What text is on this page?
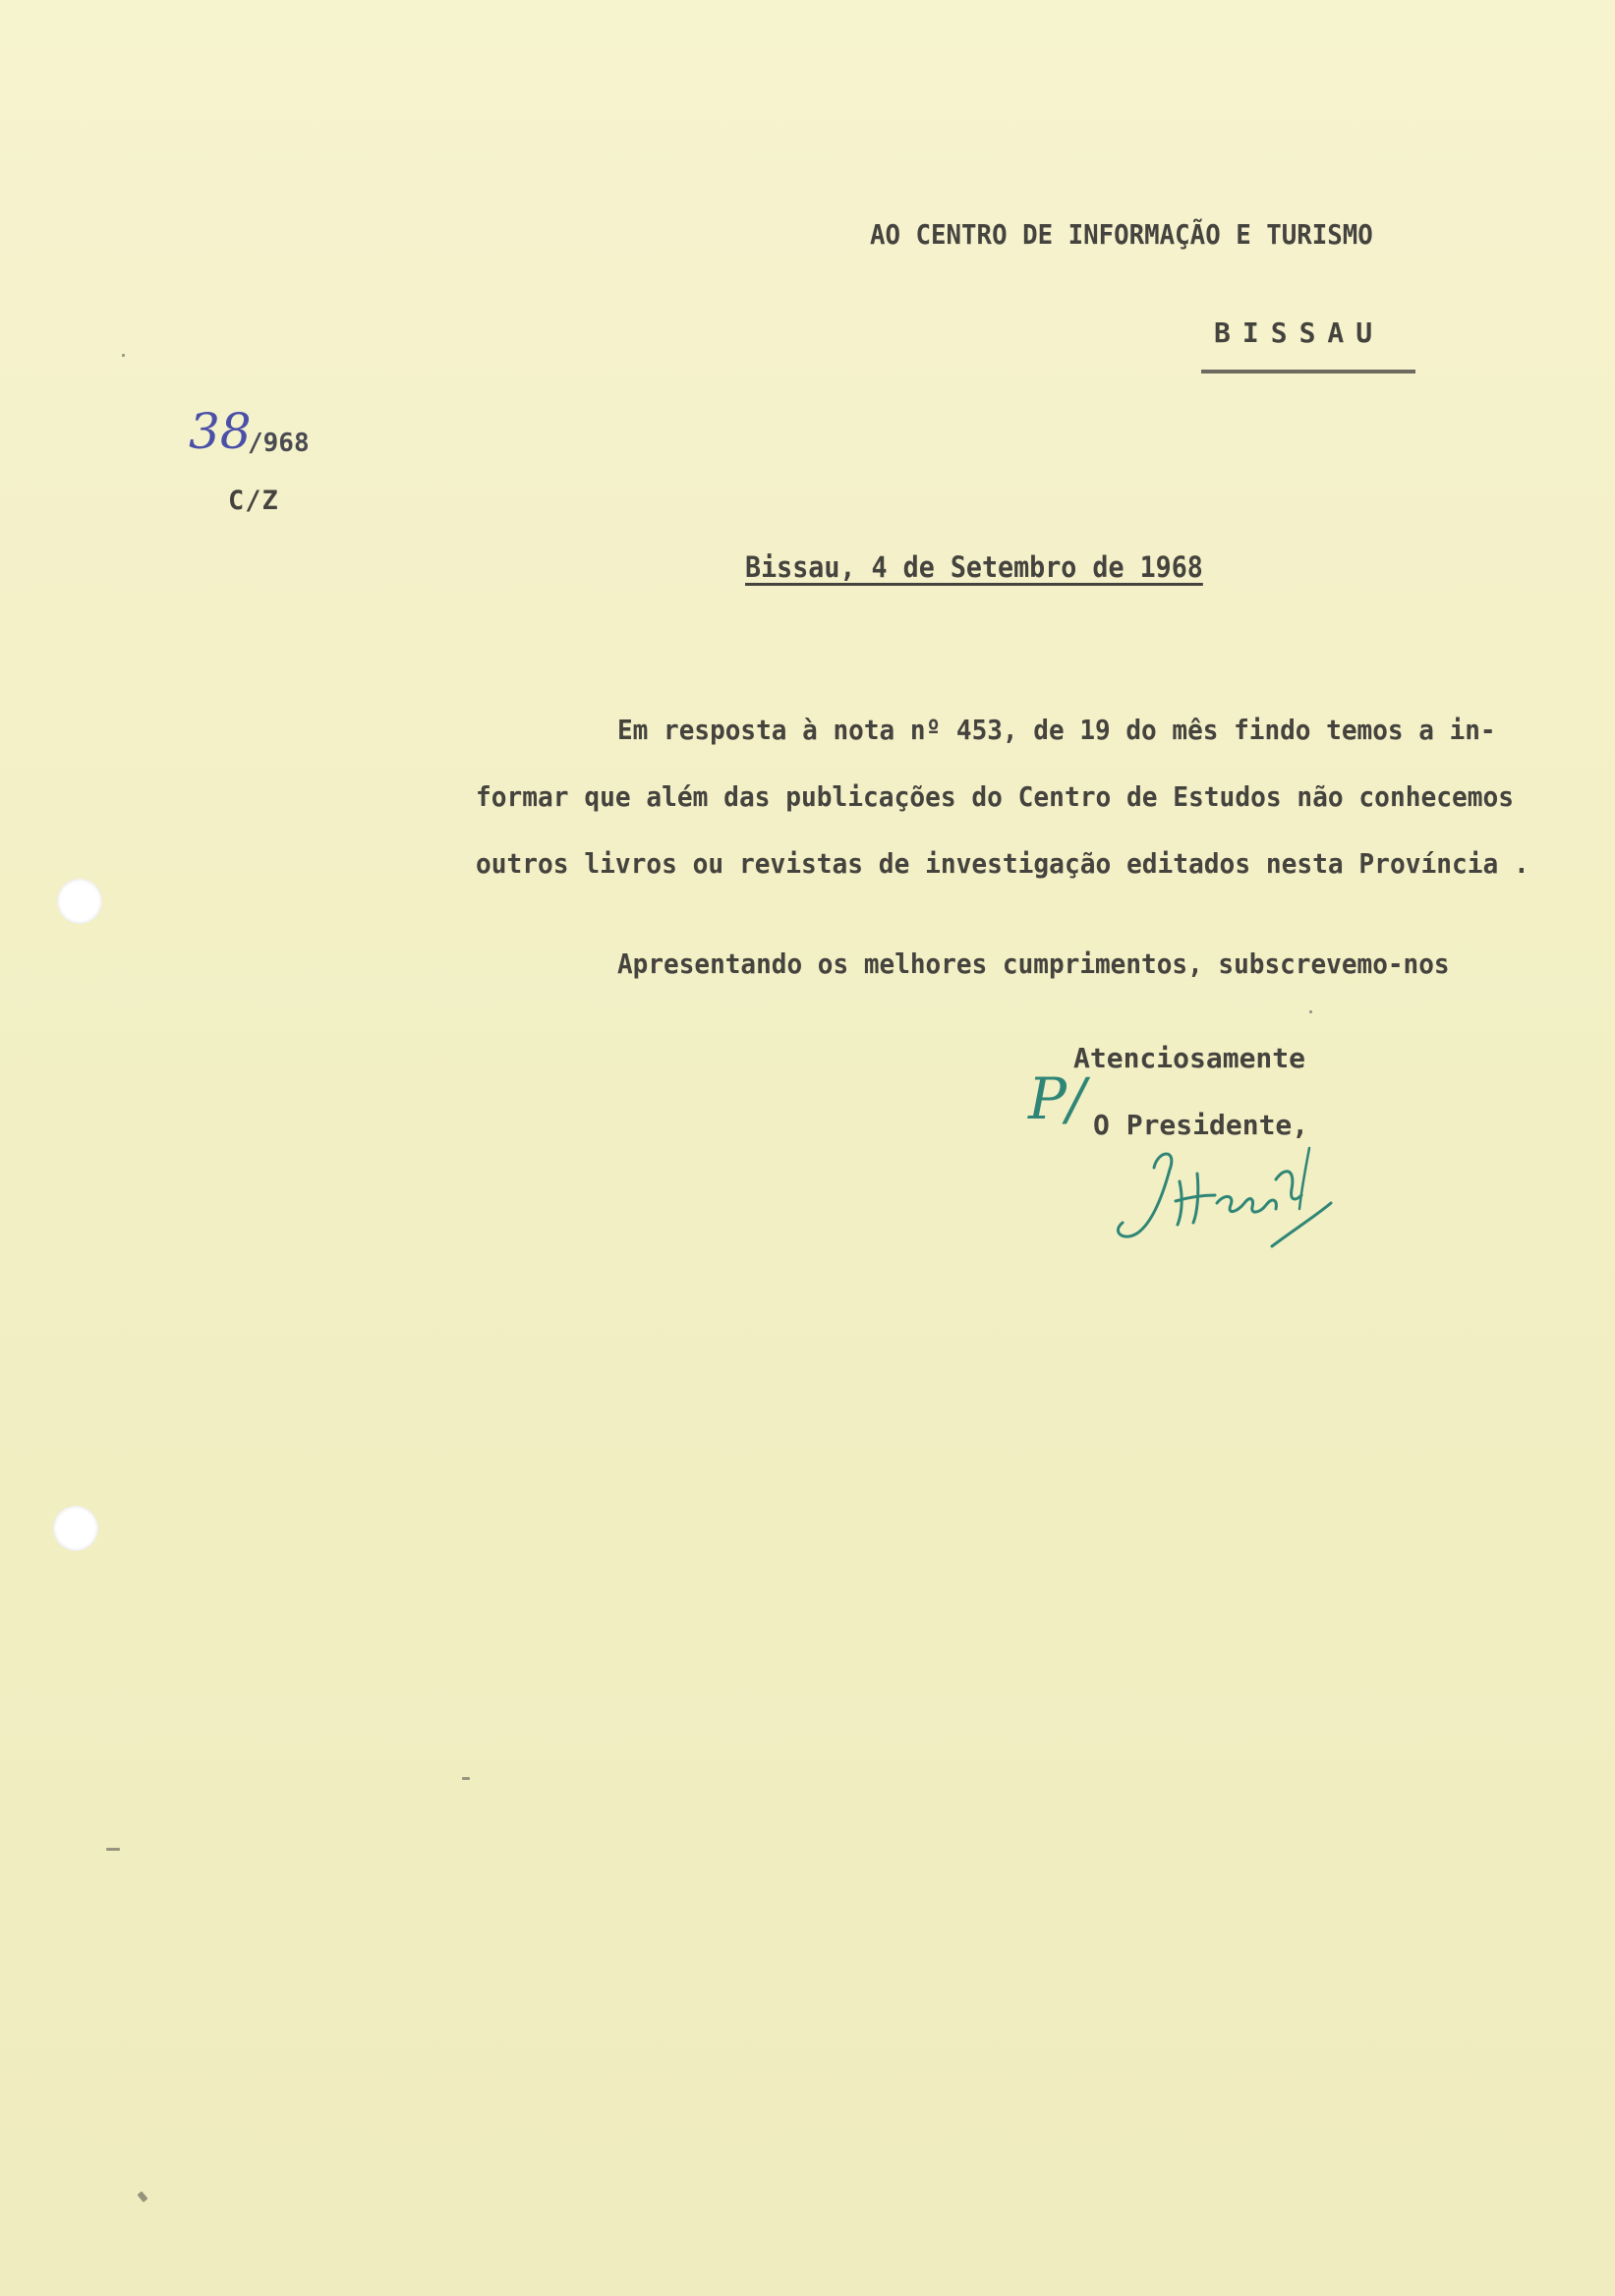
AO CENTRO DE INFORMAÇÃO E TURISMO
BISSAU
38
/968
C/Z
Bissau, 4 de Setembro de 1968
Em resposta à nota nº 453, de 19 do mês findo temos a in-
formar que além das publicações do Centro de Estudos não conhecemos
outros livros ou revistas de investigação editados nesta Província .
Apresentando os melhores cumprimentos, subscrevemo-nos
Atenciosamente
P/ O Presidente,
